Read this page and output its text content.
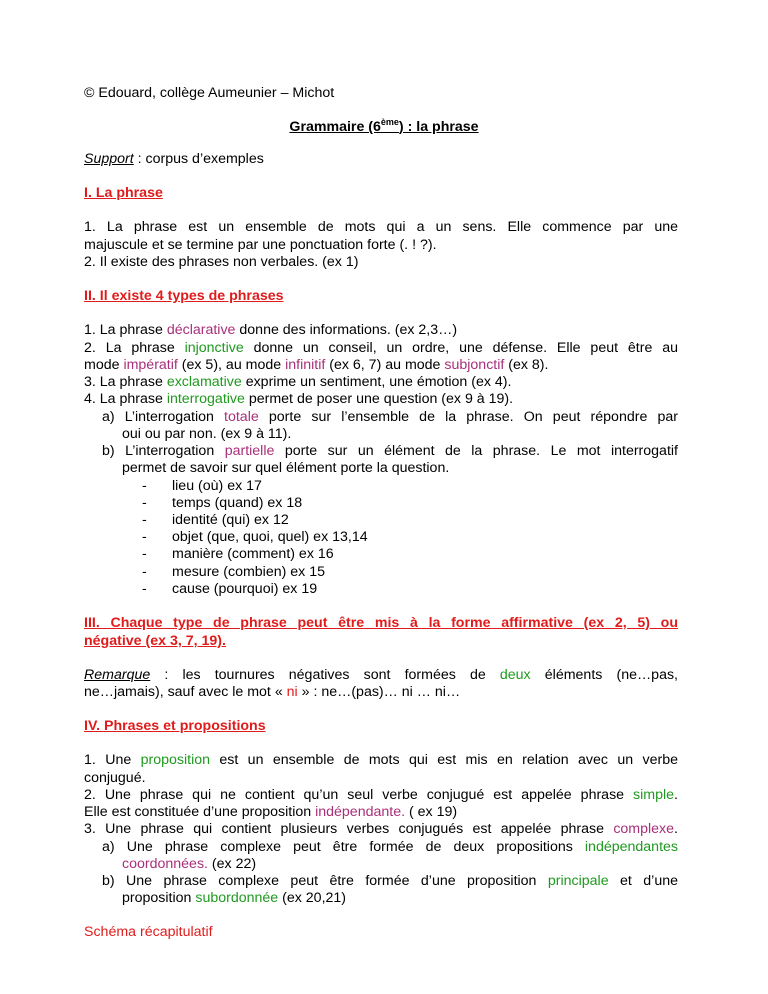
© Edouard, collège Aumeunier – Michot
Grammaire (6ème) : la phrase
Support : corpus d’exemples
I. La phrase
1. La phrase est un ensemble de mots qui a un sens. Elle commence par une
majuscule et se termine par une ponctuation forte (. ! ?).
2. Il existe des phrases non verbales. (ex 1)
II. Il existe 4 types de phrases
1. La phrase déclarative donne des informations. (ex 2,3…)
2. La phrase injonctive donne un conseil, un ordre, une défense. Elle peut être au
mode impératif (ex 5), au mode infinitif (ex 6, 7) au mode subjonctif (ex 8).
3. La phrase exclamative exprime un sentiment, une émotion (ex 4).
4. La phrase interrogative permet de poser une question (ex 9 à 19).
a) L’interrogation totale porte sur l’ensemble de la phrase. On peut répondre par
oui ou par non. (ex 9 à 11).
b) L’interrogation partielle porte sur un élément de la phrase. Le mot interrogatif
permet de savoir sur quel élément porte la question.
- lieu (où) ex 17
- temps (quand) ex 18
- identité (qui) ex 12
- objet (que, quoi, quel) ex 13,14
- manière (comment) ex 16
- mesure (combien) ex 15
- cause (pourquoi) ex 19
III. Chaque type de phrase peut être mis à la forme affirmative (ex 2, 5) ou
négative (ex 3, 7, 19).
Remarque : les tournures négatives sont formées de deux éléments (ne…pas,
ne…jamais), sauf avec le mot « ni » : ne…(pas)… ni … ni…
IV. Phrases et propositions
1. Une proposition est un ensemble de mots qui est mis en relation avec un verbe
conjugué.
2. Une phrase qui ne contient qu’un seul verbe conjugué est appelée phrase simple.
Elle est constituée d’une proposition indépendante. ( ex 19)
3. Une phrase qui contient plusieurs verbes conjugués est appelée phrase complexe.
a) Une phrase complexe peut être formée de deux propositions indépendantes
coordonnées. (ex 22)
b) Une phrase complexe peut être formée d’une proposition principale et d’une
proposition subordonnée (ex 20,21)
Schéma récapitulatif
